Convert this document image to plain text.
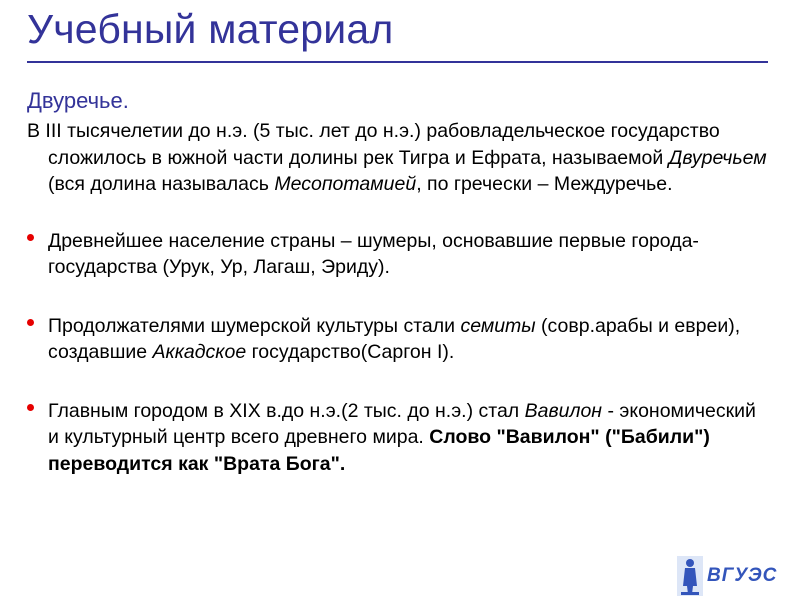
Учебный материал
Двуречье.

В III тысячелетии до н.э. (5 тыс. лет до н.э.) рабовладельческое государство сложилось в южной части долины рек Тигра и Ефрата, называемой Двуречьем (вся долина называлась Месопотамией, по гречески – Междуречье.

Древнейшее население страны – шумеры, основавшие первые города-государства (Урук, Ур, Лагаш, Эриду).
Продолжателями шумерской культуры стали семиты (совр.арабы и евреи), создавшие Аккадское государство(Саргон I).
Главным городом в XIX в.до н.э.(2 тыс. до н.э.) стал Вавилон - экономический и культурный центр всего древнего мира. Слово "Вавилон" ("Бабили") переводится как "Врата Бога".
ВГУЭС
